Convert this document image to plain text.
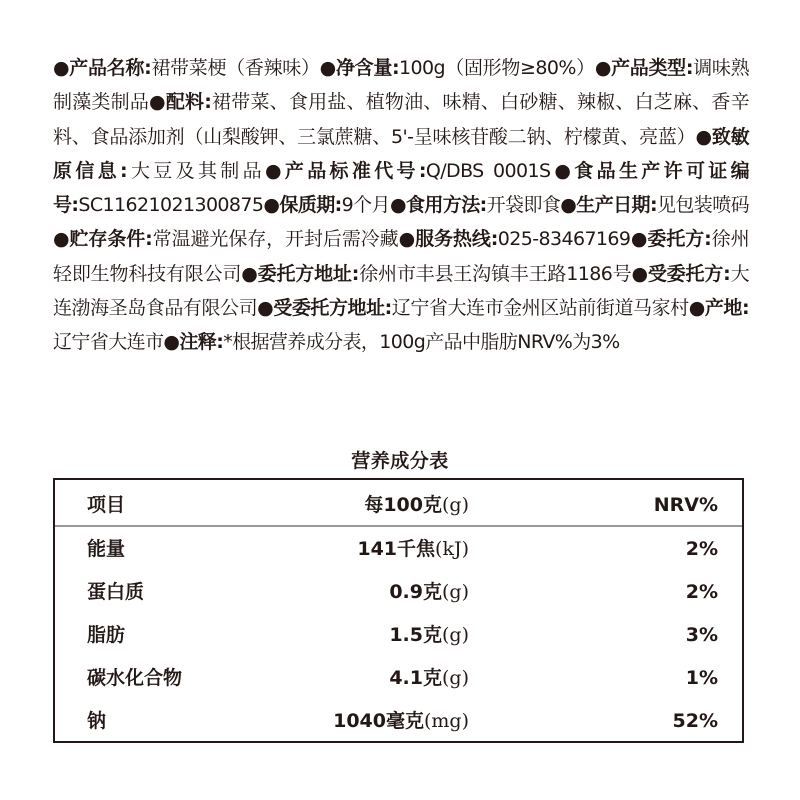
●产品名称:裙带菜梗（香辣味）●净含量:100g（固形物≥80%）●产品类型:调味熟制藻类制品●配料:裙带菜、食用盐、植物油、味精、白砂糖、辣椒、白芝麻、香辛料、食品添加剂（山梨酸钾、三氯蔗糖、5'-呈味核苷酸二钠、柠檬黄、亮蓝）●致敏原信息:大豆及其制品●产品标准代号:Q/DBS 0001S●食品生产许可证编号:SC11621021300875●保质期:9个月●食用方法:开袋即食●生产日期:见包装喷码●贮存条件:常温避光保存，开封后需冷藏●服务热线:025-83467169●委托方:徐州轻即生物科技有限公司●委托方地址:徐州市丰县王沟镇丰王路1186号●受委托方:大连渤海圣岛食品有限公司●受委托方地址:辽宁省大连市金州区站前街道马家村●产地:辽宁省大连市●注释:*根据营养成分表，100g产品中脂肪NRV%为3%
营养成分表
项目	每100克(g)	NRV%
能量	141千焦(kJ)	2%
蛋白质	0.9克(g)	2%
脂肪	1.5克(g)	3%
碳水化合物	4.1克(g)	1%
钠	1040毫克(mg)	52%
